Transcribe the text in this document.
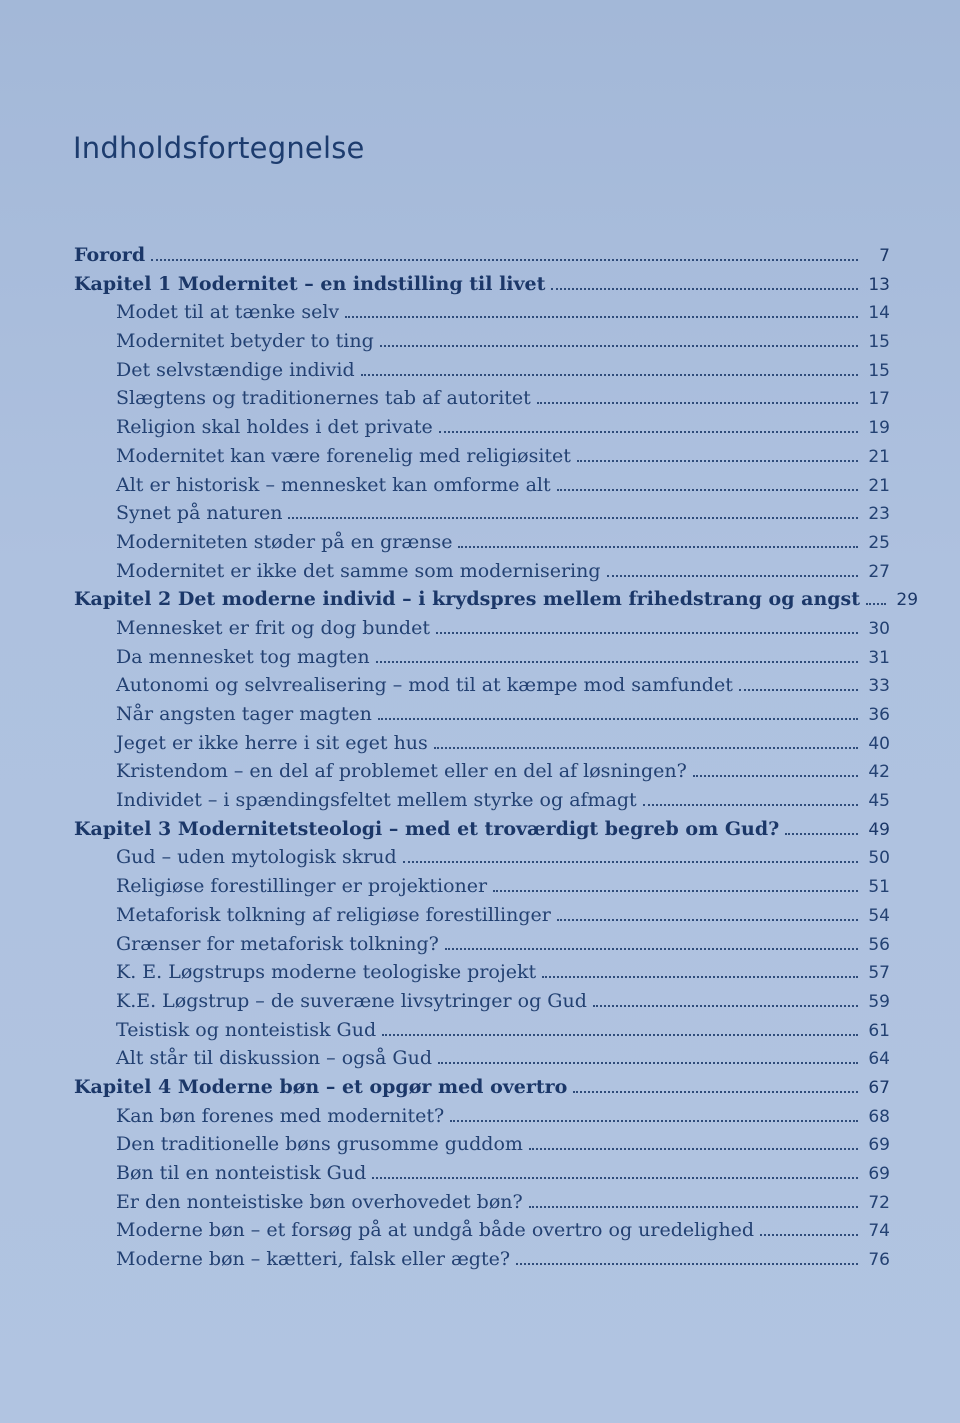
Indholdsfortegnelse
Forord	7
Kapitel 1 Modernitet – en indstilling til livet	13
Modet til at tænke selv	14
Modernitet betyder to ting	15
Det selvstændige individ	15
Slægtens og traditionernes tab af autoritet	17
Religion skal holdes i det private	19
Modernitet kan være forenelig med religiøsitet	21
Alt er historisk – mennesket kan omforme alt	21
Synet på naturen	23
Moderniteten støder på en grænse	25
Modernitet er ikke det samme som modernisering	27
Kapitel 2 Det moderne individ – i krydspres mellem frihedstrang og angst	29
Mennesket er frit og dog bundet	30
Da mennesket tog magten	31
Autonomi og selvrealisering – mod til at kæmpe mod samfundet	33
Når angsten tager magten	36
Jeget er ikke herre i sit eget hus	40
Kristendom – en del af problemet eller en del af løsningen?	42
Individet – i spændingsfeltet mellem styrke og afmagt	45
Kapitel 3 Modernitetsteologi – med et troværdigt begreb om Gud?	49
Gud – uden mytologisk skrud	50
Religiøse forestillinger er projektioner	51
Metaforisk tolkning af religiøse forestillinger	54
Grænser for metaforisk tolkning?	56
K. E. Løgstrups moderne teologiske projekt	57
K.E. Løgstrup – de suveræne livsytringer og Gud	59
Teistisk og nonteistisk Gud	61
Alt står til diskussion – også Gud	64
Kapitel 4 Moderne bøn – et opgør med overtro	67
Kan bøn forenes med modernitet?	68
Den traditionelle bøns grusomme guddom	69
Bøn til en nonteistisk Gud	69
Er den nonteistiske bøn overhovedet bøn?	72
Moderne bøn – et forsøg på at undgå både overtro og uredelighed	74
Moderne bøn – kætteri, falsk eller ægte?	76
